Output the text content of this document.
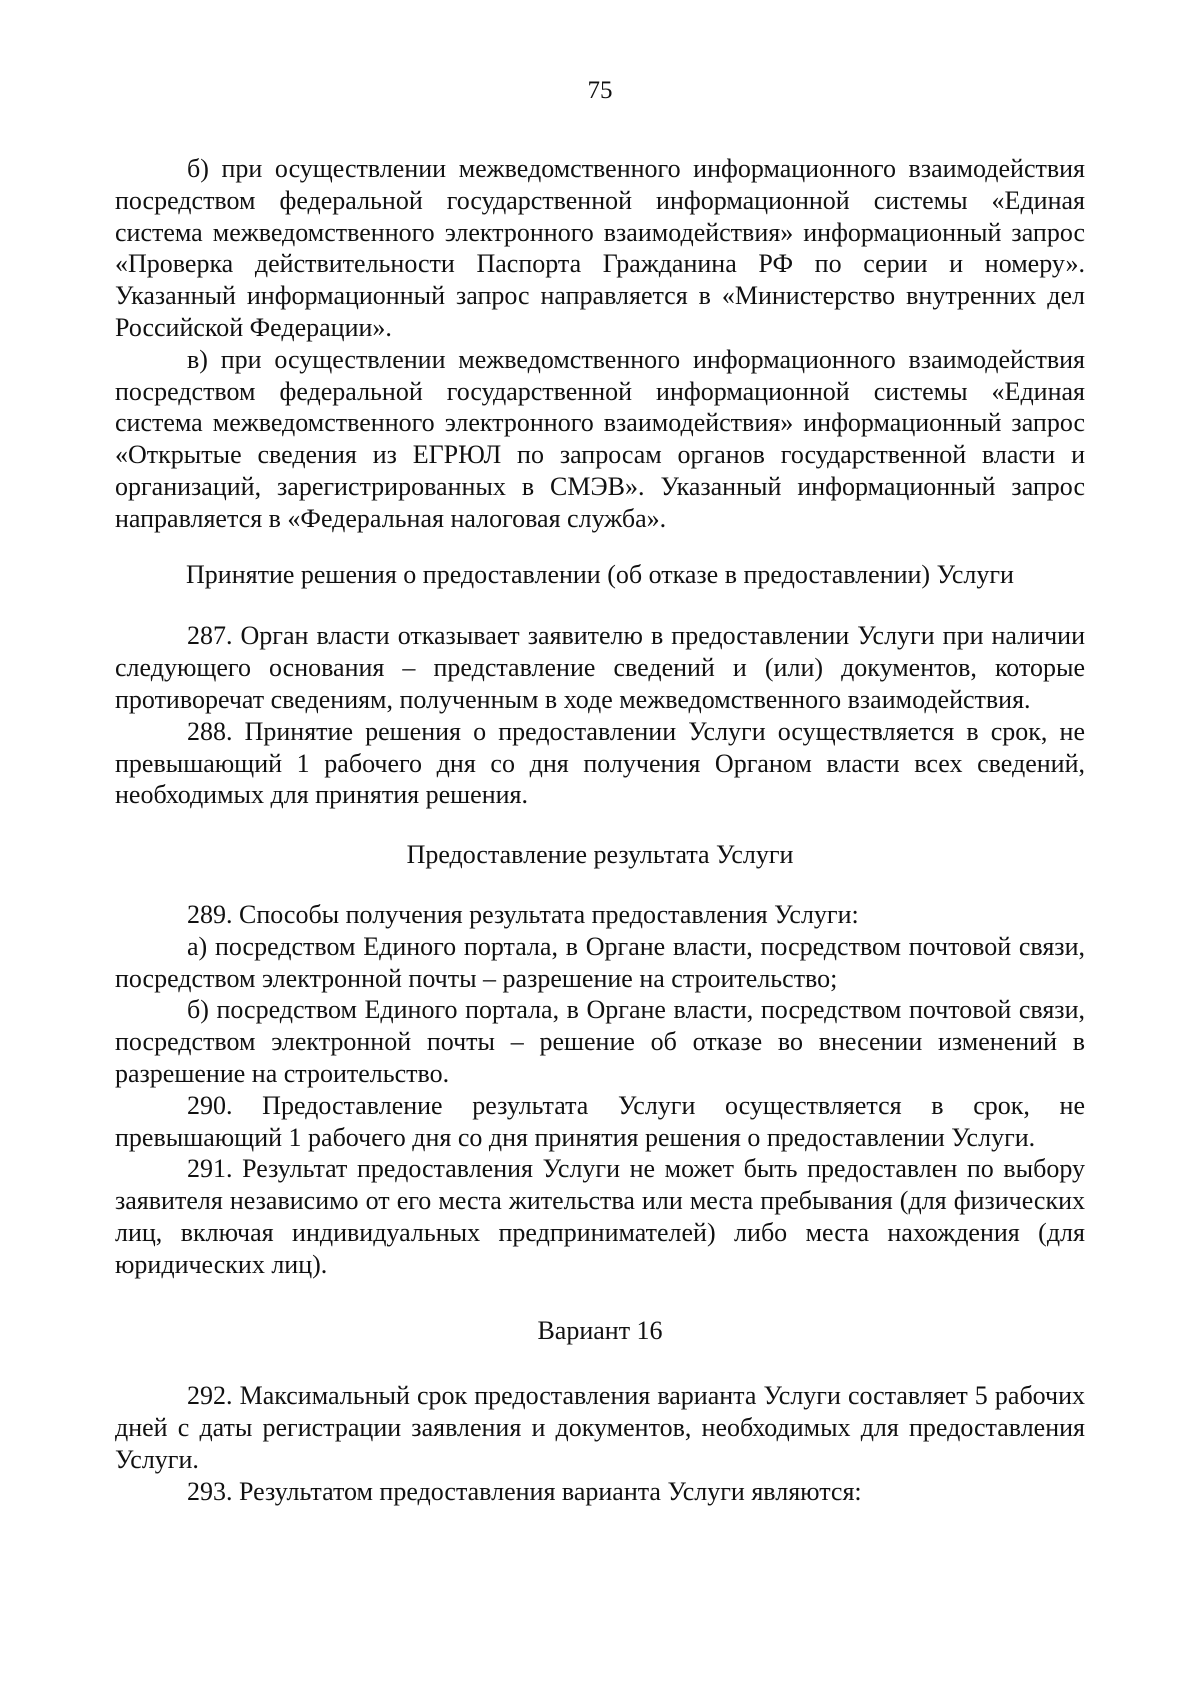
75

б) при осуществлении межведомственного информационного взаимодействия посредством федеральной государственной информационной системы «Единая система межведомственного электронного взаимодействия» информационный запрос «Проверка действительности Паспорта Гражданина РФ по серии и номеру». Указанный информационный запрос направляется в «Министерство внутренних дел Российской Федерации».

в) при осуществлении межведомственного информационного взаимодействия посредством федеральной государственной информационной системы «Единая система межведомственного электронного взаимодействия» информационный запрос «Открытые сведения из ЕГРЮЛ по запросам органов государственной власти и организаций, зарегистрированных в СМЭВ». Указанный информационный запрос направляется в «Федеральная налоговая служба».

Принятие решения о предоставлении (об отказе в предоставлении) Услуги

287. Орган власти отказывает заявителю в предоставлении Услуги при наличии следующего основания – представление сведений и (или) документов, которые противоречат сведениям, полученным в ходе межведомственного взаимодействия.

288. Принятие решения о предоставлении Услуги осуществляется в срок, не превышающий 1 рабочего дня со дня получения Органом власти всех сведений, необходимых для принятия решения.

Предоставление результата Услуги

289. Способы получения результата предоставления Услуги:

а) посредством Единого портала, в Органе власти, посредством почтовой связи, посредством электронной почты – разрешение на строительство;

б) посредством Единого портала, в Органе власти, посредством почтовой связи, посредством электронной почты – решение об отказе во внесении изменений в разрешение на строительство.

290. Предоставление результата Услуги осуществляется в срок, не превышающий 1 рабочего дня со дня принятия решения о предоставлении Услуги.

291. Результат предоставления Услуги не может быть предоставлен по выбору заявителя независимо от его места жительства или места пребывания (для физических лиц, включая индивидуальных предпринимателей) либо места нахождения (для юридических лиц).

Вариант 16

292. Максимальный срок предоставления варианта Услуги составляет 5 рабочих дней с даты регистрации заявления и документов, необходимых для предоставления Услуги.

293. Результатом предоставления варианта Услуги являются:
